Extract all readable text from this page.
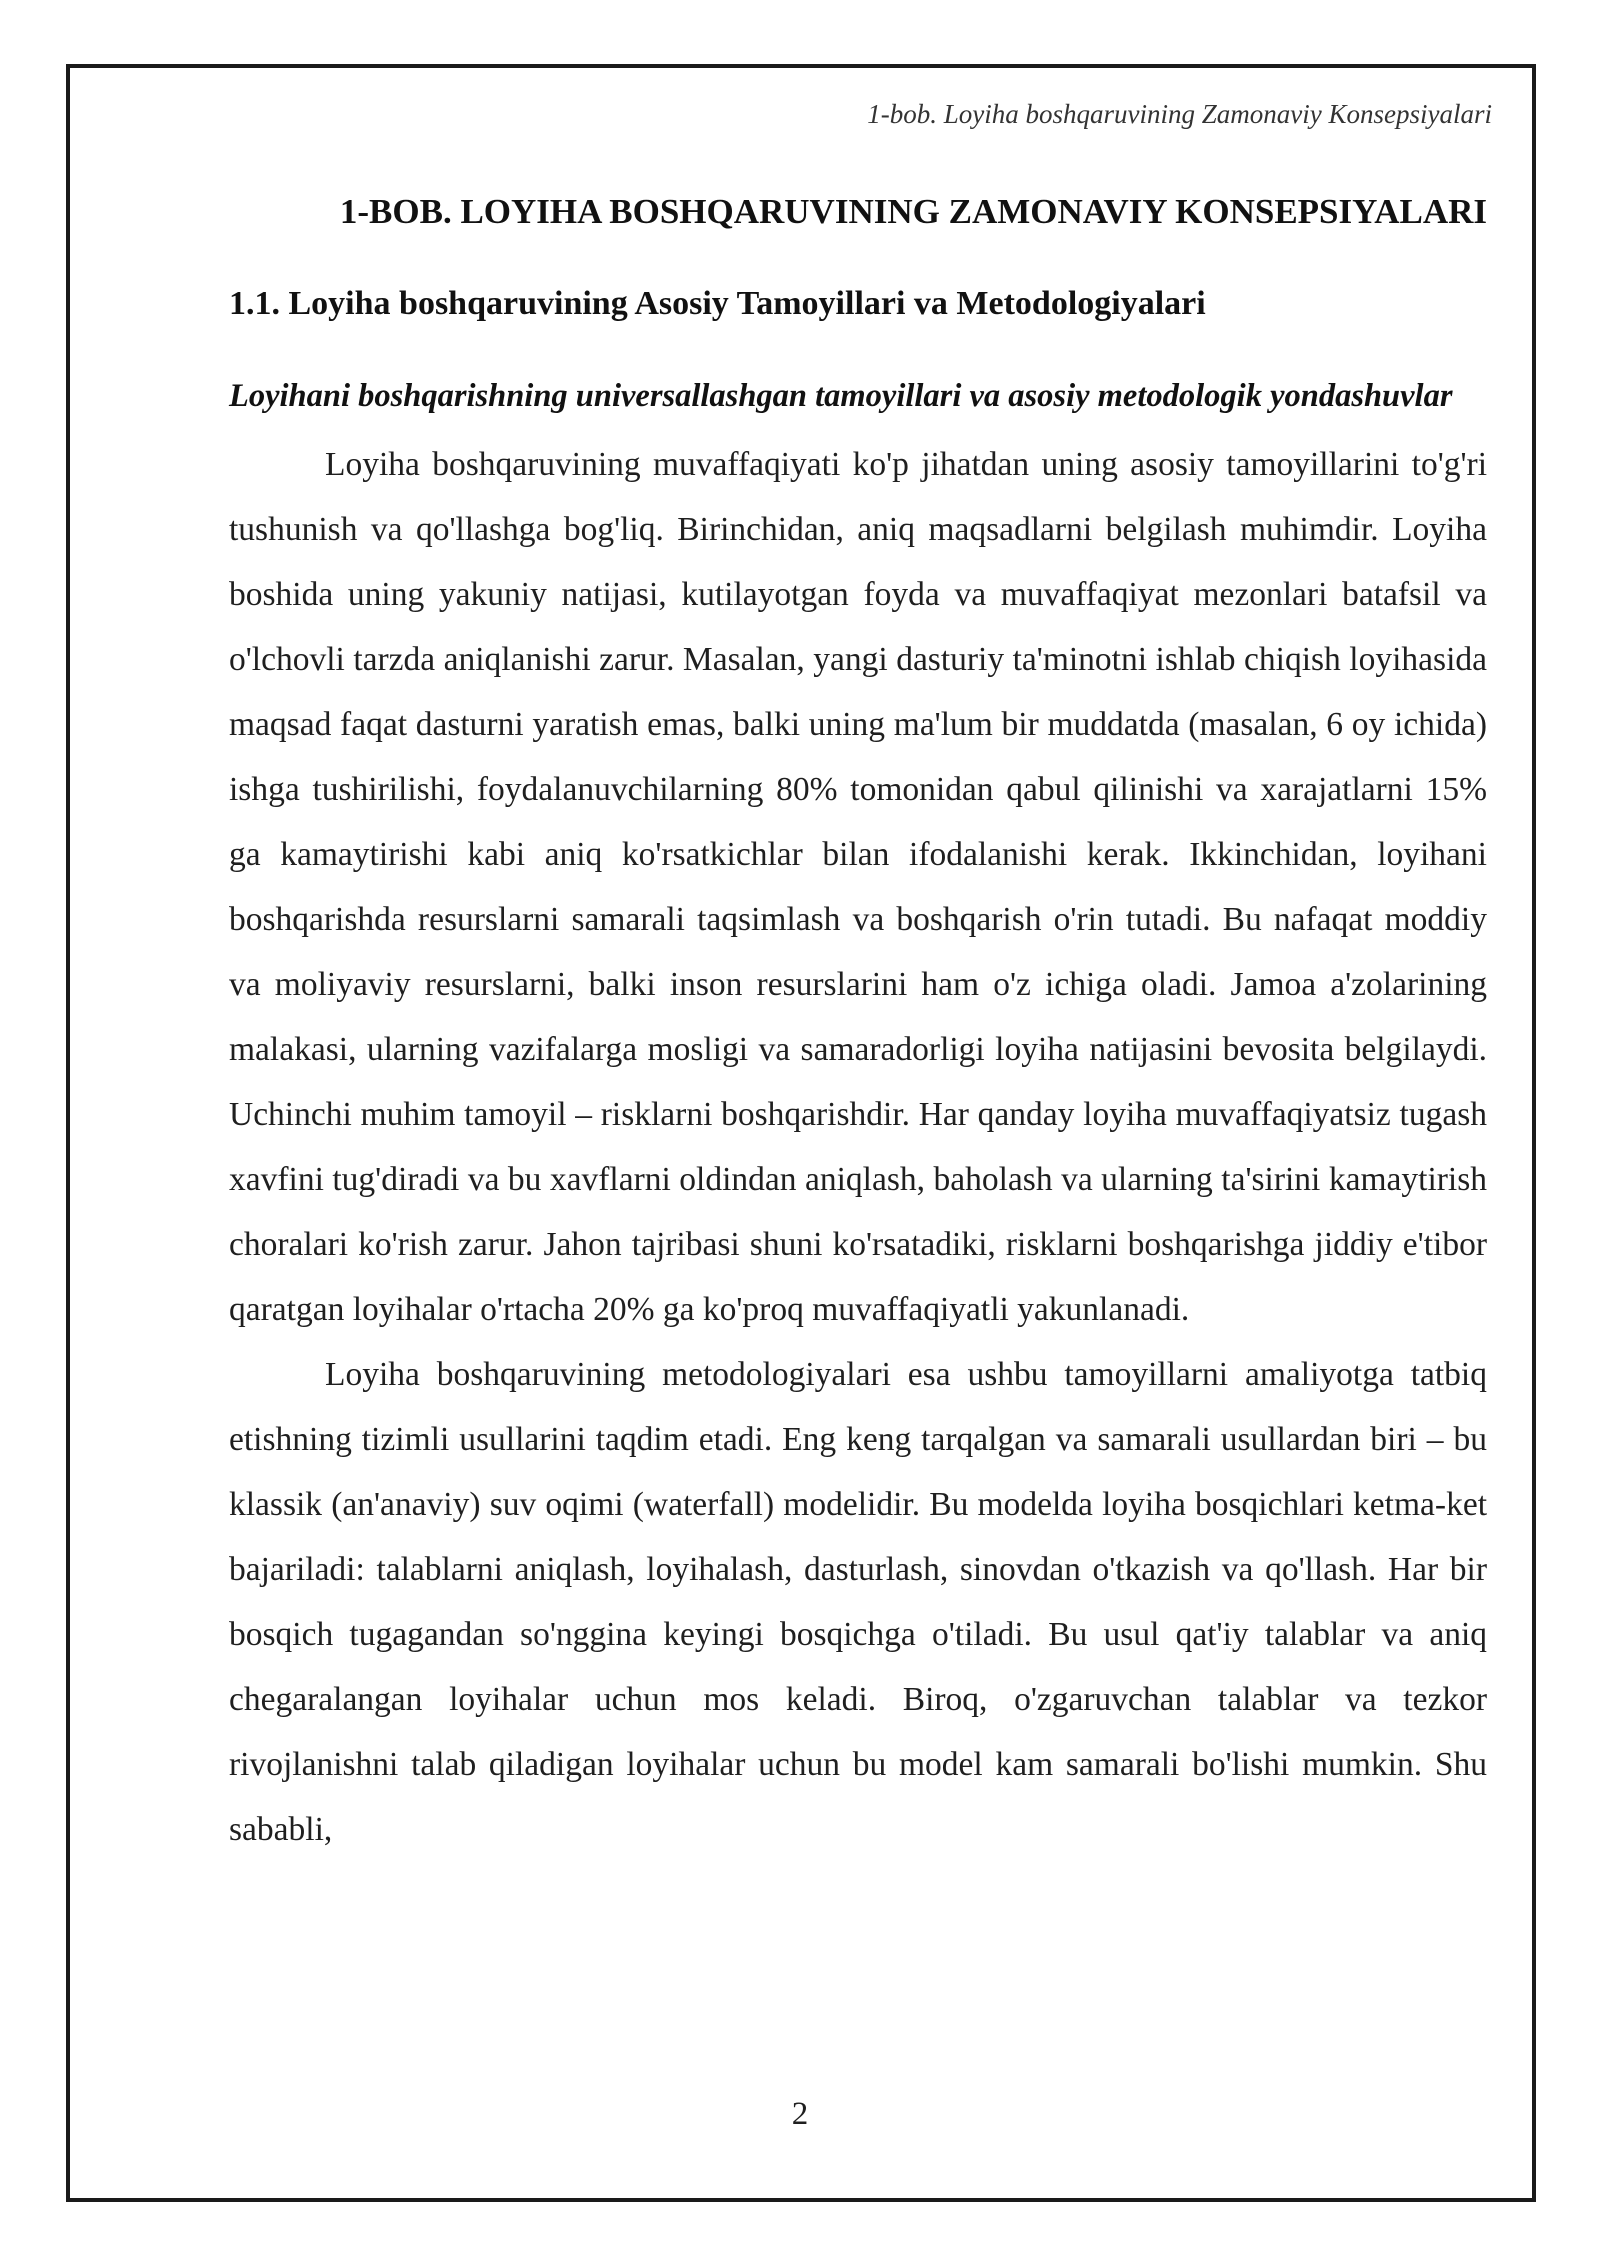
1-bob. Loyiha boshqaruvining Zamonaviy Konsepsiyalari
1-BOB. LOYIHA BOSHQARUVINING ZAMONAVIY KONSEPSIYALARI
1.1. Loyiha boshqaruvining Asosiy Tamoyillari va Metodologiyalari
Loyihani boshqarishning universallashgan tamoyillari va asosiy metodologik yondashuvlar

Loyiha boshqaruvining muvaffaqiyati ko'p jihatdan uning asosiy tamoyillarini to'g'ri tushunish va qo'llashga bog'liq. Birinchidan, aniq maqsadlarni belgilash muhimdir. Loyiha boshida uning yakuniy natijasi, kutilayotgan foyda va muvaffaqiyat mezonlari batafsil va o'lchovli tarzda aniqlanishi zarur. Masalan, yangi dasturiy ta'minotni ishlab chiqish loyihasida maqsad faqat dasturni yaratish emas, balki uning ma'lum bir muddatda (masalan, 6 oy ichida) ishga tushirilishi, foydalanuvchilarning 80% tomonidan qabul qilinishi va xarajatlarni 15% ga kamaytirishi kabi aniq ko'rsatkichlar bilan ifodalanishi kerak. Ikkinchidan, loyihani boshqarishda resurslarni samarali taqsimlash va boshqarish o'rin tutadi. Bu nafaqat moddiy va moliyaviy resurslarni, balki inson resurslarini ham o'z ichiga oladi. Jamoa a'zolarining malakasi, ularning vazifalarga mosligi va samaradorligi loyiha natijasini bevosita belgilaydi. Uchinchi muhim tamoyil – risklarni boshqarishdir. Har qanday loyiha muvaffaqiyatsiz tugash xavfini tug'diradi va bu xavflarni oldindan aniqlash, baholash va ularning ta'sirini kamaytirish choralari ko'rish zarur. Jahon tajribasi shuni ko'rsatadiki, risklarni boshqarishga jiddiy e'tibor qaratgan loyihalar o'rtacha 20% ga ko'proq muvaffaqiyatli yakunlanadi.

Loyiha boshqaruvining metodologiyalari esa ushbu tamoyillarni amaliyotga tatbiq etishning tizimli usullarini taqdim etadi. Eng keng tarqalgan va samarali usullardan biri – bu klassik (an'anaviy) suv oqimi (waterfall) modelidir. Bu modelda loyiha bosqichlari ketma-ket bajariladi: talablarni aniqlash, loyihalash, dasturlash, sinovdan o'tkazish va qo'llash. Har bir bosqich tugagandan so'nggina keyingi bosqichga o'tiladi. Bu usul qat'iy talablar va aniq chegaralangan loyihalar uchun mos keladi. Biroq, o'zgaruvchan talablar va tezkor rivojlanishni talab qiladigan loyihalar uchun bu model kam samarali bo'lishi mumkin. Shu sababli,

2
